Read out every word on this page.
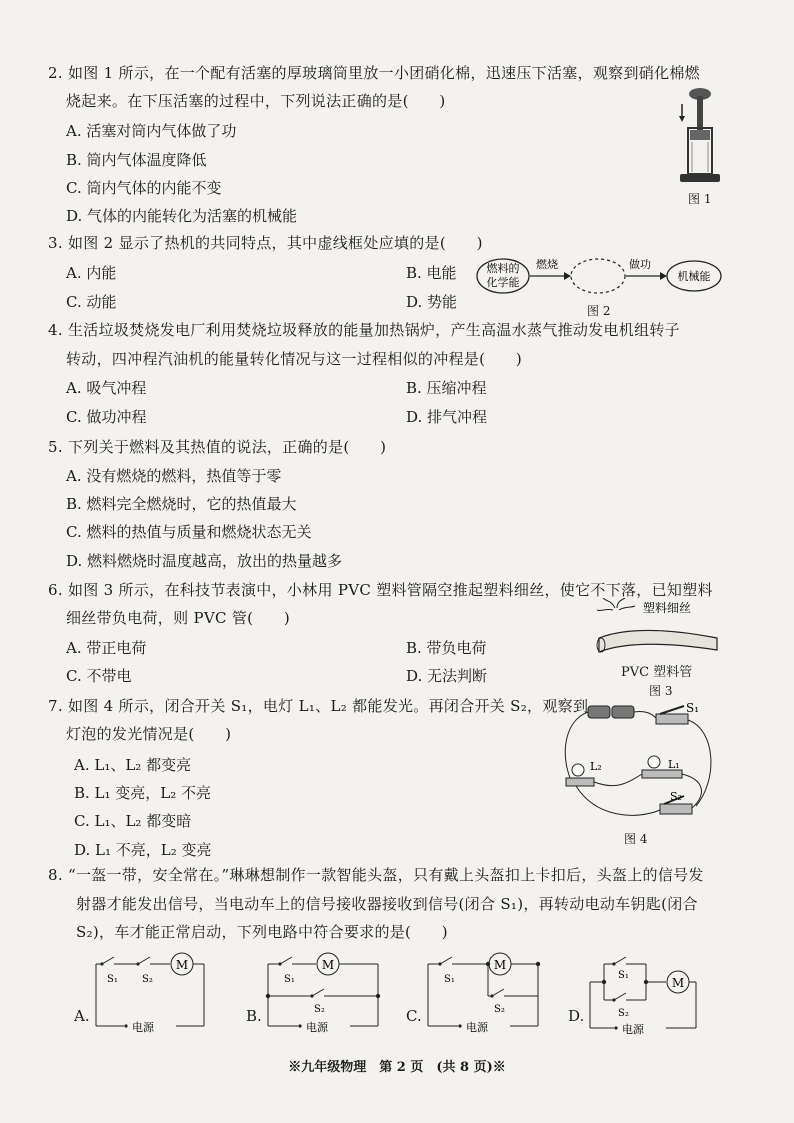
2. 如图 1 所示，在一个配有活塞的厚玻璃筒里放一小团硝化棉，迅速压下活塞，观察到硝化棉燃
烧起来。在下压活塞的过程中，下列说法正确的是(　　)
A. 活塞对筒内气体做了功
B. 筒内气体温度降低
C. 筒内气体的内能不变
D. 气体的内能转化为活塞的机械能
图 1
3. 如图 2 显示了热机的共同特点，其中虚线框处应填的是(　　)
A. 内能	B. 电能
C. 动能	D. 势能
燃料的
化学能
燃烧	做功
机械能
图 2
4. 生活垃圾焚烧发电厂利用焚烧垃圾释放的能量加热锅炉，产生高温水蒸气推动发电机组转子
转动，四冲程汽油机的能量转化情况与这一过程相似的冲程是(　　)
A. 吸气冲程	B. 压缩冲程
C. 做功冲程	D. 排气冲程
5. 下列关于燃料及其热值的说法，正确的是(　　)
A. 没有燃烧的燃料，热值等于零
B. 燃料完全燃烧时，它的热值最大
C. 燃料的热值与质量和燃烧状态无关
D. 燃料燃烧时温度越高，放出的热量越多
6. 如图 3 所示，在科技节表演中，小林用 PVC 塑料管隔空推起塑料细丝，使它不下落，已知塑料
细丝带负电荷，则 PVC 管(　　)
A. 带正电荷	B. 带负电荷
C. 不带电	D. 无法判断
塑料细丝
PVC 塑料管
图 3
7. 如图 4 所示，闭合开关 S₁，电灯 L₁、L₂ 都能发光。再闭合开关 S₂，观察到
灯泡的发光情况是(　　)
A. L₁、L₂ 都变亮
B. L₁ 变亮，L₂ 不亮
C. L₁、L₂ 都变暗
D. L₁ 不亮，L₂ 变亮
S₁
L₂	L₁
S₂
图 4
8. “一盔一带，安全常在。”琳琳想制作一款智能头盔，只有戴上头盔扣上卡扣后，头盔上的信号发
射器才能发出信号，当电动车上的信号接收器接收到信号(闭合 S₁)，再转动电动车钥匙(闭合
S₂)，车才能正常启动，下列电路中符合要求的是(　　)
A.
M
S₁ S₂
电源
B.
M
S₁
S₂
电源
C.
M
S₁
S₂
电源
D.
M
S₁
S₂
电源
※九年级物理　第 2 页　(共 8 页)※
